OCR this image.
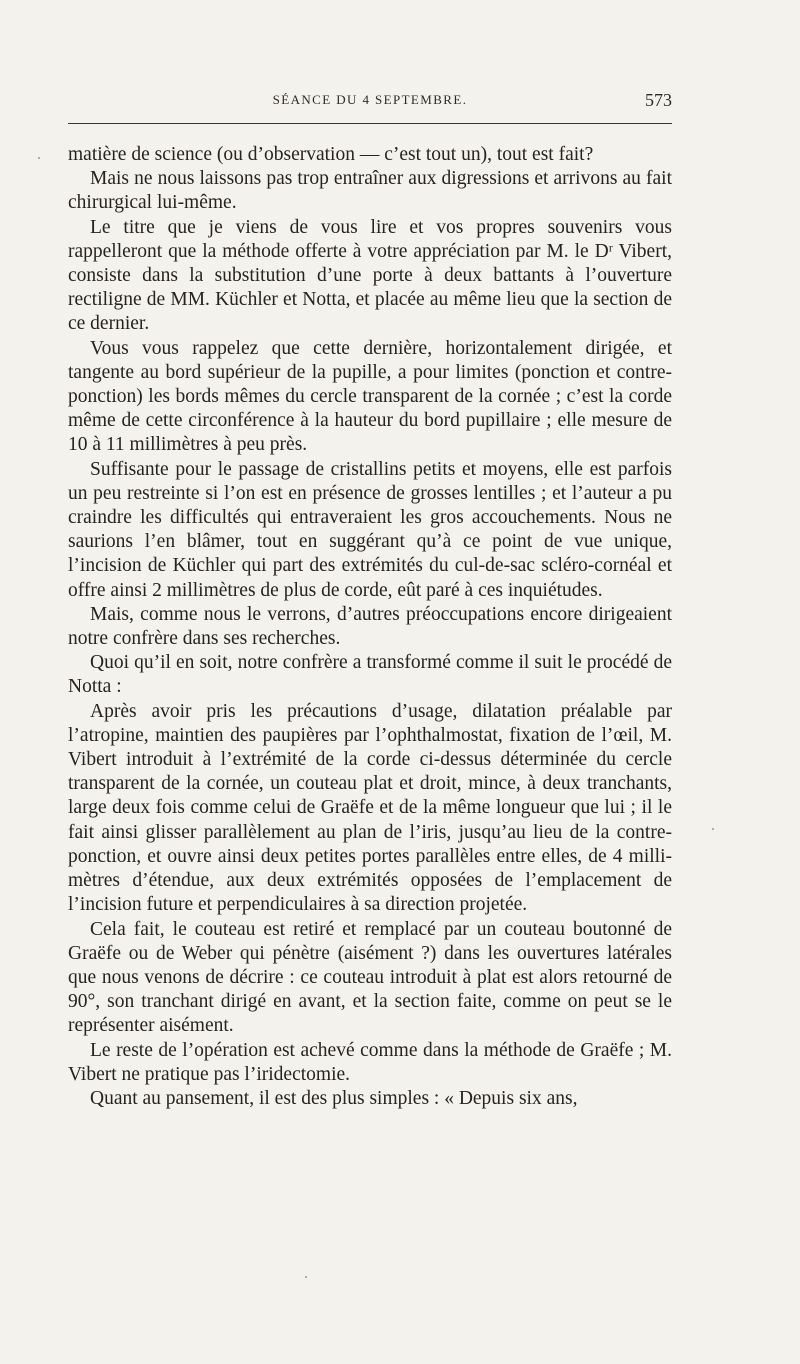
SÉANCE DU 4 SEPTEMBRE.	573

matière de science (ou d’observation — c’est tout un), tout est fait?

Mais ne nous laissons pas trop entraîner aux digressions et arrivons au fait chirurgical lui-même.

Le titre que je viens de vous lire et vos propres souvenirs vous rappelleront que la méthode offerte à votre appréciation par M. le Dʳ Vibert, consiste dans la substitution d’une porte à deux battants à l’ouverture rectiligne de MM. Küchler et Notta, et placée au même lieu que la section de ce dernier.

Vous vous rappelez que cette dernière, horizontalement dirigée, et tangente au bord supérieur de la pupille, a pour limites (ponction et contre-ponction) les bords mêmes du cercle transparent de la cornée ; c’est la corde même de cette circonférence à la hauteur du bord pupillaire ; elle mesure de 10 à 11 millimètres à peu près.

Suffisante pour le passage de cristallins petits et moyens, elle est parfois un peu restreinte si l’on est en présence de grosses lentilles ; et l’auteur a pu craindre les difficultés qui entraveraient les gros accouchements. Nous ne saurions l’en blâmer, tout en suggérant qu’à ce point de vue unique, l’incision de Küchler qui part des extrémités du cul-de-sac scléro-cornéal et offre ainsi 2 millimètres de plus de corde, eût paré à ces inquiétudes.

Mais, comme nous le verrons, d’autres préoccupations encore dirigeaient notre confrère dans ses recherches.

Quoi qu’il en soit, notre confrère a transformé comme il suit le procédé de Notta :

Après avoir pris les précautions d’usage, dilatation préalable par l’atropine, maintien des paupières par l’ophthalmostat, fixation de l’œil, M. Vibert introduit à l’extrémité de la corde ci-dessus déterminée du cercle transparent de la cornée, un couteau plat et droit, mince, à deux tranchants, large deux fois comme celui de Graëfe et de la même longueur que lui ; il le fait ainsi glisser parallèlement au plan de l’iris, jusqu’au lieu de la contre-ponction, et ouvre ainsi deux petites portes parallèles entre elles, de 4 millimètres d’étendue, aux deux extrémités opposées de l’emplacement de l’incision future et perpendiculaires à sa direction projetée.

Cela fait, le couteau est retiré et remplacé par un couteau boutonné de Graëfe ou de Weber qui pénètre (aisément ?) dans les ouvertures latérales que nous venons de décrire : ce couteau introduit à plat est alors retourné de 90°, son tranchant dirigé en avant, et la section faite, comme on peut se le représenter aisément.

Le reste de l’opération est achevé comme dans la méthode de Graëfe ; M. Vibert ne pratique pas l’iridectomie.

Quant au pansement, il est des plus simples : « Depuis six ans,
